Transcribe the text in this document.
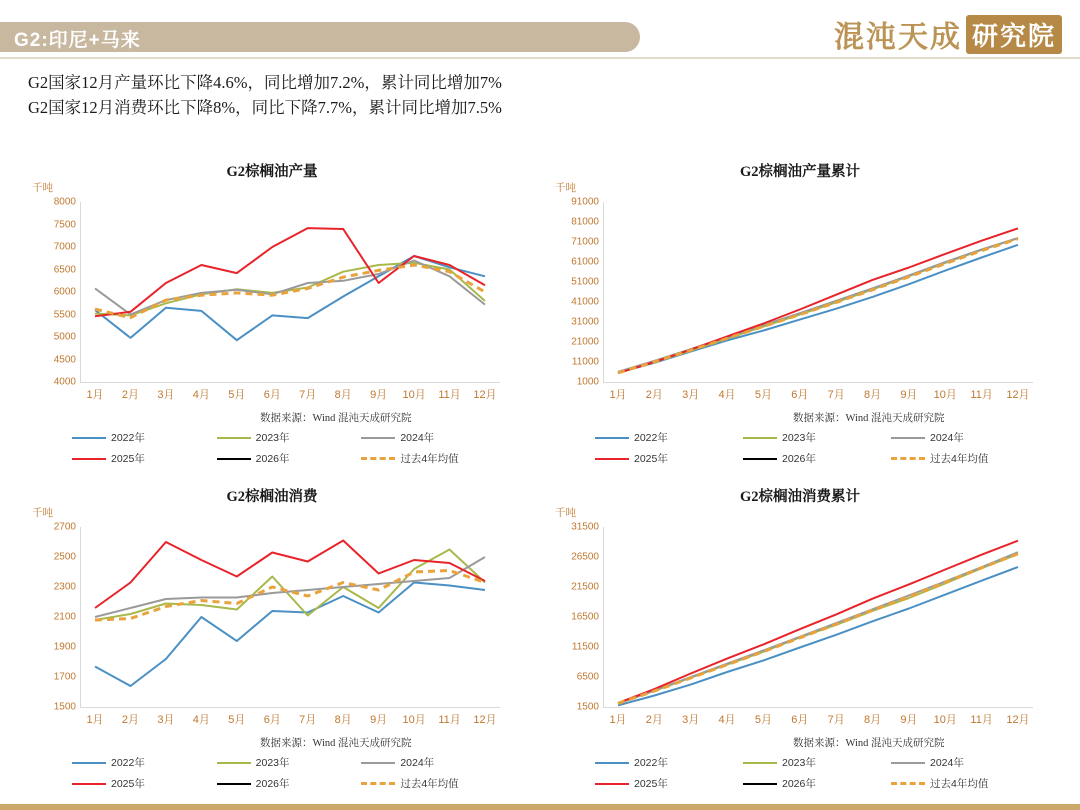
G2:印尼+马来	混沌天成 研究院
G2国家12月产量环比下降4.6%，同比增加7.2%，累计同比增加7%
G2国家12月消费环比下降8%，同比下降7.7%，累计同比增加7.5%
G2棕榈油产量
千吨
4000
4500
5000
5500
6000
6500
7000
7500
8000
1月 2月 3月 4月 5月 6月 7月 8月 9月 10月 11月 12月
数据来源：Wind 混沌天成研究院
2022年	2023年	2024年
2025年	2026年	过去4年均值
G2棕榈油产量累计
千吨
1000
11000
21000
31000
41000
51000
61000
71000
81000
91000
1月 2月 3月 4月 5月 6月 7月 8月 9月 10月 11月 12月
数据来源：Wind 混沌天成研究院
2022年	2023年	2024年
2025年	2026年	过去4年均值
G2棕榈油消费
千吨
1500
1700
1900
2100
2300
2500
2700
1月 2月 3月 4月 5月 6月 7月 8月 9月 10月 11月 12月
数据来源：Wind 混沌天成研究院
2022年	2023年	2024年
2025年	2026年	过去4年均值
G2棕榈油消费累计
千吨
1500
6500
11500
16500
21500
26500
31500
1月 2月 3月 4月 5月 6月 7月 8月 9月 10月 11月 12月
数据来源：Wind 混沌天成研究院
2022年	2023年	2024年
2025年	2026年	过去4年均值
